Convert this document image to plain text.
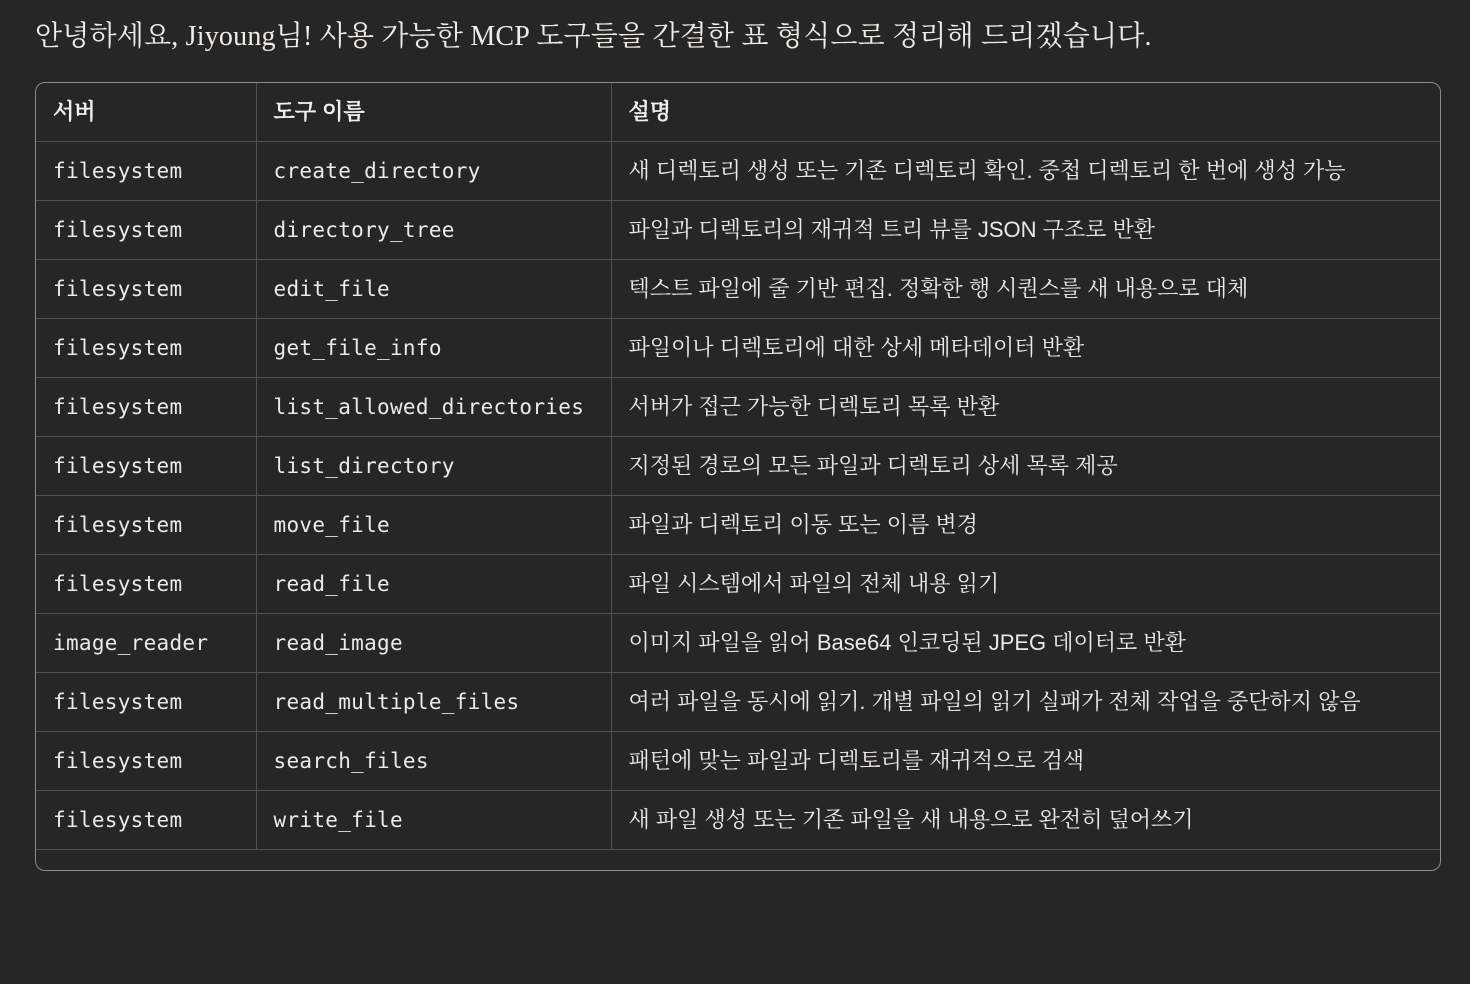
안녕하세요, Jiyoung님! 사용 가능한 MCP 도구들을 간결한 표 형식으로 정리해 드리겠습니다.

서버	도구 이름	설명
filesystem	create_directory	새 디렉토리 생성 또는 기존 디렉토리 확인. 중첩 디렉토리 한 번에 생성 가능
filesystem	directory_tree	파일과 디렉토리의 재귀적 트리 뷰를 JSON 구조로 반환
filesystem	edit_file	텍스트 파일에 줄 기반 편집. 정확한 행 시퀀스를 새 내용으로 대체
filesystem	get_file_info	파일이나 디렉토리에 대한 상세 메타데이터 반환
filesystem	list_allowed_directories	서버가 접근 가능한 디렉토리 목록 반환
filesystem	list_directory	지정된 경로의 모든 파일과 디렉토리 상세 목록 제공
filesystem	move_file	파일과 디렉토리 이동 또는 이름 변경
filesystem	read_file	파일 시스템에서 파일의 전체 내용 읽기
image_reader	read_image	이미지 파일을 읽어 Base64 인코딩된 JPEG 데이터로 반환
filesystem	read_multiple_files	여러 파일을 동시에 읽기. 개별 파일의 읽기 실패가 전체 작업을 중단하지 않음
filesystem	search_files	패턴에 맞는 파일과 디렉토리를 재귀적으로 검색
filesystem	write_file	새 파일 생성 또는 기존 파일을 새 내용으로 완전히 덮어쓰기
